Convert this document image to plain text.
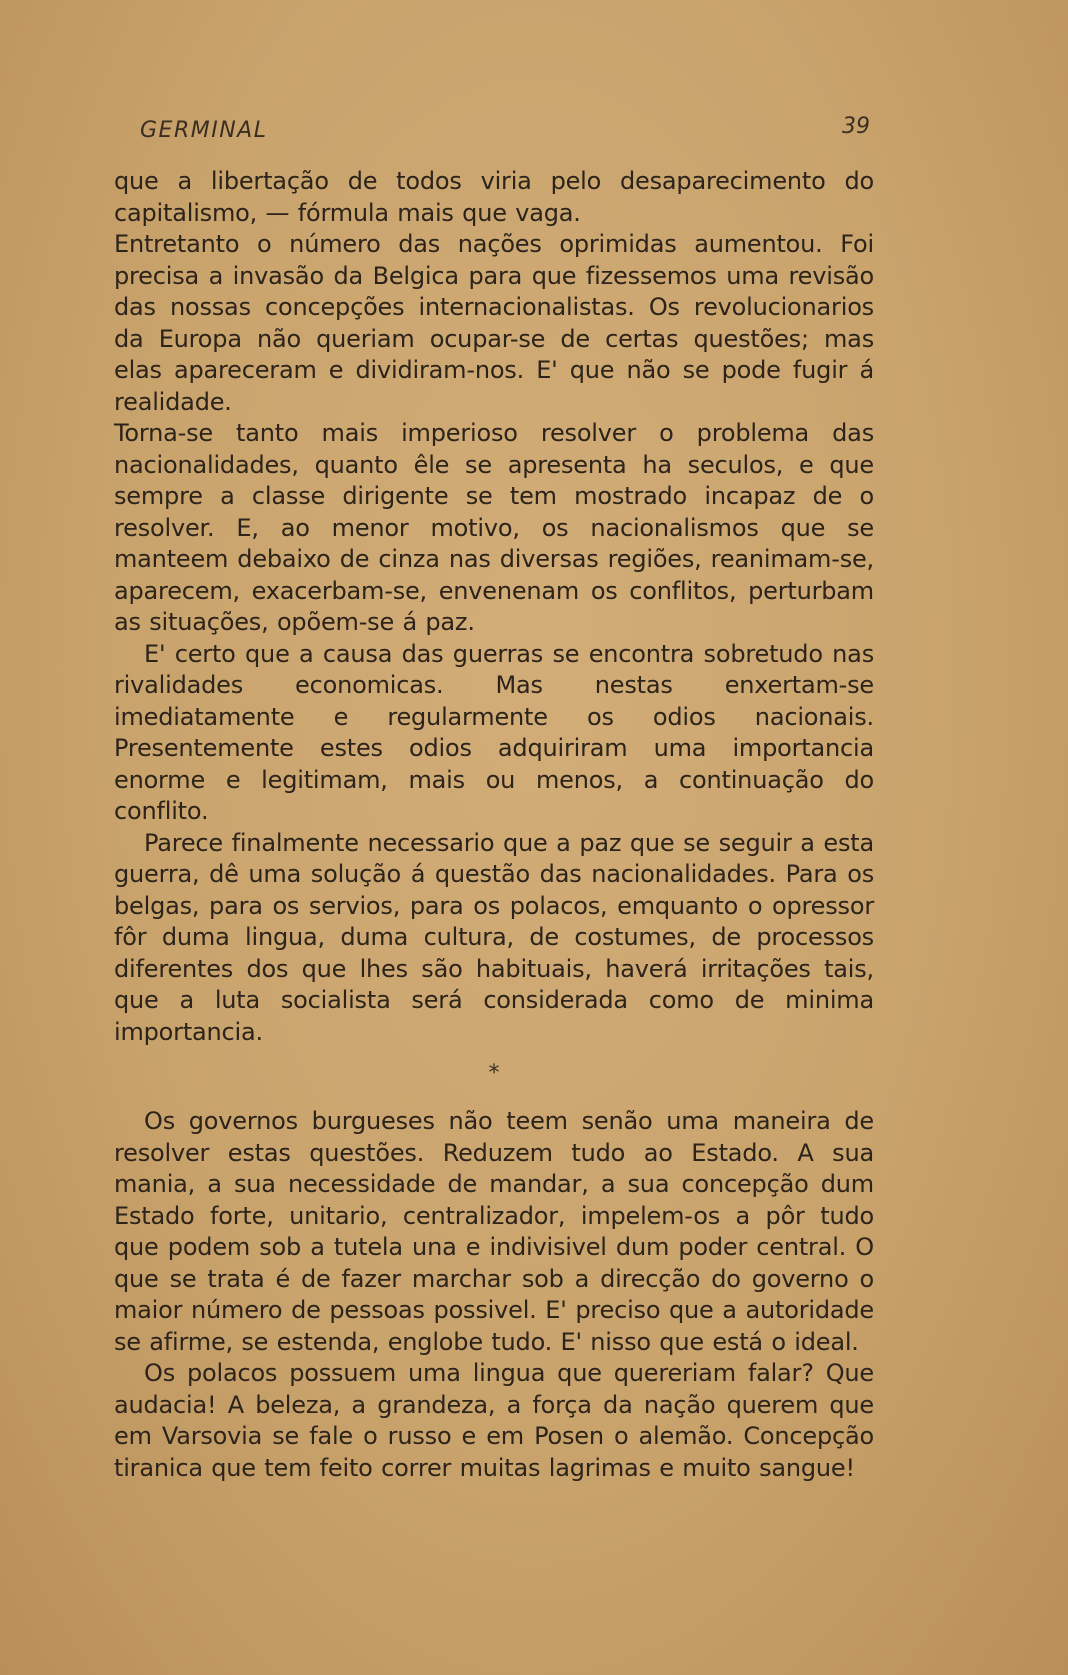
GERMINAL	39

que a libertação de todos viria pelo desaparecimento do capitalismo, — fórmula mais que vaga.

Entretanto o número das nações oprimidas aumentou. Foi precisa a invasão da Belgica para que fizessemos uma revisão das nossas concepções internacionalistas. Os revolucionarios da Europa não queriam ocupar-se de certas questões; mas elas apareceram e dividiram-nos. E' que não se pode fugir á realidade.

Torna-se tanto mais imperioso resolver o problema das nacionalidades, quanto êle se apresenta ha seculos, e que sempre a classe dirigente se tem mostrado incapaz de o resolver. E, ao menor motivo, os nacionalismos que se manteem debaixo de cinza nas diversas regiões, reanimam-se, aparecem, exacerbam-se, envenenam os conflitos, perturbam as situações, opõem-se á paz.

E' certo que a causa das guerras se encontra sobretudo nas rivalidades economicas. Mas nestas enxertam-se imediatamente e regularmente os odios nacionais. Presentemente estes odios adquiriram uma importancia enorme e legitimam, mais ou menos, a continuação do conflito.

Parece finalmente necessario que a paz que se seguir a esta guerra, dê uma solução á questão das nacionalidades. Para os belgas, para os servios, para os polacos, emquanto o opressor fôr duma lingua, duma cultura, de costumes, de processos diferentes dos que lhes são habituais, haverá irritações tais, que a luta socialista será considerada como de minima importancia.

*

Os governos burgueses não teem senão uma maneira de resolver estas questões. Reduzem tudo ao Estado. A sua mania, a sua necessidade de mandar, a sua concepção dum Estado forte, unitario, centralizador, impelem-os a pôr tudo que podem sob a tutela una e indivisivel dum poder central. O que se trata é de fazer marchar sob a direcção do governo o maior número de pessoas possivel. E' preciso que a autoridade se afirme, se estenda, englobe tudo. E' nisso que está o ideal.

Os polacos possuem uma lingua que quereriam falar? Que audacia! A beleza, a grandeza, a força da nação querem que em Varsovia se fale o russo e em Posen o alemão. Concepção tiranica que tem feito correr muitas lagrimas e muito sangue!
